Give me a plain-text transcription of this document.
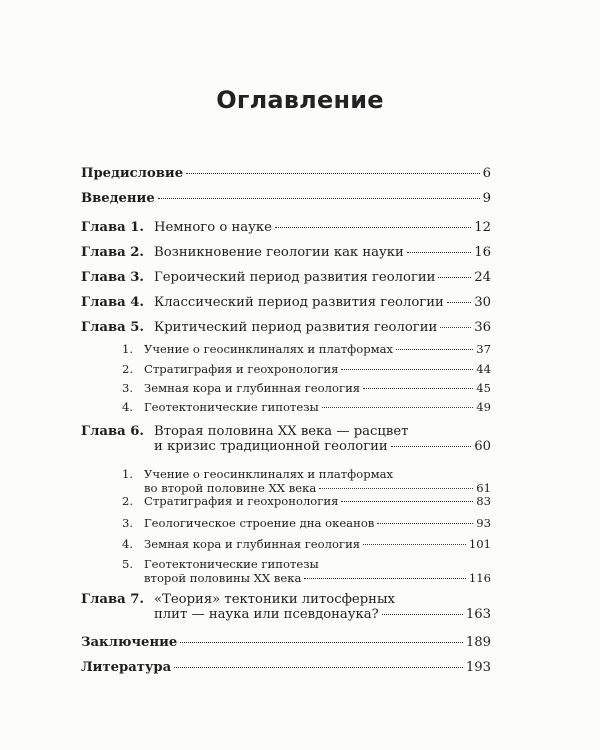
Оглавление
Предисловие	6
Введение	9
Глава 1. Немного о науке	12
Глава 2. Возникновение геологии как науки	16
Глава 3. Героический период развития геологии	24
Глава 4. Классический период развития геологии 30
Глава 5. Критический период развития геологии	36
1. Учение о геосинклиналях и платформах	37
2. Стратиграфия и геохронология	44
3. Земная кора и глубинная геология	45
4. Геотектонические гипотезы	49
Глава 6. Вторая половина ХХ века — расцвет
и кризис традиционной геологии	60
1. Учение о геосинклиналях и платформах
во второй половине ХХ века	61
2. Стратиграфия и геохронология	83
3. Геологическое строение дна океанов	93
4. Земная кора и глубинная геология	101
5. Геотектонические гипотезы
второй половины ХХ века	116
Глава 7. «Теория» тектоники литосферных
плит — наука или псевдонаука?	163
Заключение	189
Литература	193
